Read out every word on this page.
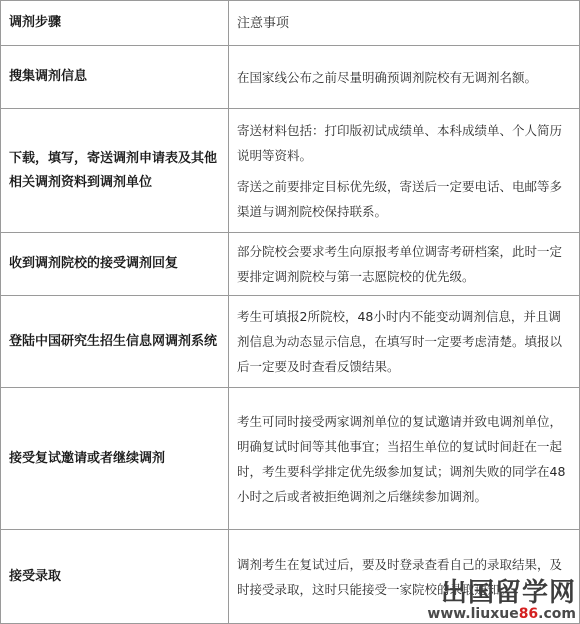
调剂步骤	注意事项
搜集调剂信息	在国家线公布之前尽量明确预调剂院校有无调剂名额。

下载，填写，寄送调剂申请表及其他相关调剂资料到调剂单位	寄送材料包括：打印版初试成绩单、本科成绩单、个人简历说明等资料。

寄送之前要排定目标优先级，寄送后一定要电话、电邮等多渠道与调剂院校保持联系。

收到调剂院校的接受调剂回复	部分院校会要求考生向原报考单位调寄考研档案，此时一定要排定调剂院校与第一志愿院校的优先级。

登陆中国研究生招生信息网调剂系统	考生可填报2所院校，48小时内不能变动调剂信息，并且调剂信息为动态显示信息，在填写时一定要考虑清楚。填报以后一定要及时查看反馈结果。

接受复试邀请或者继续调剂	考生可同时接受两家调剂单位的复试邀请并致电调剂单位，明确复试时间等其他事宜；当招生单位的复试时间赶在一起时，考生要科学排定优先级参加复试；调剂失败的同学在48小时之后或者被拒绝调剂之后继续参加调剂。

接受录取	调剂考生在复试过后，要及时登录查看自己的录取结果，及时接受录取，这时只能接受一家院校的录取通知。

出国留学网
www.liuxue86.com
